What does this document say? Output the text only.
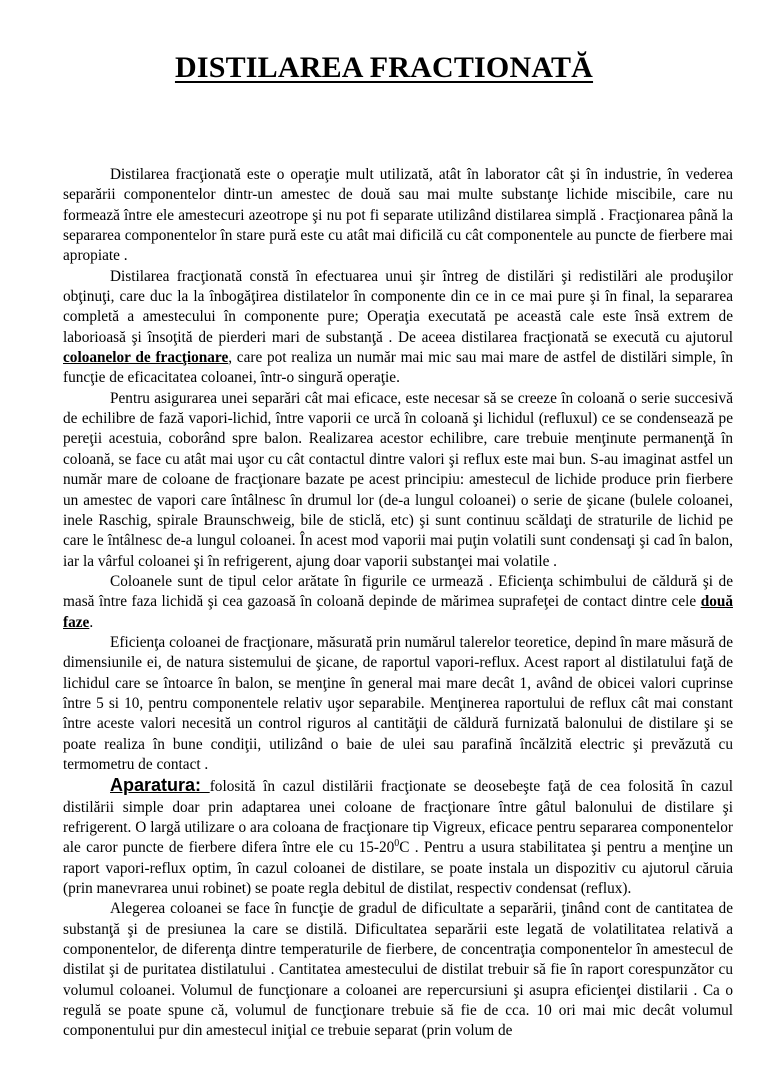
DISTILAREA FRACTIONATĂ

Distilarea fracţionată este o operaţie mult utilizată, atât în laborator cât şi în industrie, în vederea separării componentelor dintr-un amestec de două sau mai multe substanţe lichide miscibile, care nu formează între ele amestecuri azeotrope şi nu pot fi separate utilizând distilarea simplă . Fracţionarea până la separarea componentelor în stare pură este cu atât mai dificilă cu cât componentele au puncte de fierbere mai apropiate .

Distilarea fracţionată constă în efectuarea unui şir întreg de distilări şi redistilări ale produşilor obţinuţi, care duc la la înbogăţirea distilatelor în componente din ce in ce mai pure şi în final, la separarea completă a amestecului în componente pure; Operaţia executată pe această cale este însă extrem de laborioasă şi însoţită de pierderi mari de substanţă . De aceea distilarea fracţionată se execută cu ajutorul coloanelor de fracţionare, care pot realiza un număr mai mic sau mai mare de astfel de distilări simple, în funcţie de eficacitatea coloanei, într-o singură operaţie.

Pentru asigurarea unei separări cât mai eficace, este necesar să se creeze în coloană o serie succesivă de echilibre de fază vapori-lichid, între vaporii ce urcă în coloană şi lichidul (refluxul) ce se condensează pe pereţii acestuia, coborând spre balon. Realizarea acestor echilibre, care trebuie menţinute permanenţă în coloană, se face cu atât mai uşor cu cât contactul dintre valori şi reflux este mai bun. S-au imaginat astfel un număr mare de coloane de fracţionare bazate pe acest principiu: amestecul de lichide produce prin fierbere un amestec de vapori care întâlnesc în drumul lor (de-a lungul coloanei) o serie de şicane (bulele coloanei, inele Raschig, spirale Braunschweig, bile de sticlă, etc) şi sunt continuu scăldaţi de straturile de lichid pe care le întâlnesc de-a lungul coloanei. În acest mod vaporii mai puţin volatili sunt condensaţi şi cad în balon, iar la vârful coloanei şi în refrigerent, ajung doar vaporii substanţei mai volatile .

Coloanele sunt de tipul celor arătate în figurile ce urmează . Eficienţa schimbului de căldură şi de masă între faza lichidă şi cea gazoasă în coloană depinde de mărimea suprafeţei de contact dintre cele două faze.

Eficienţa coloanei de fracţionare, măsurată prin numărul talerelor teoretice, depind în mare măsură de dimensiunile ei, de natura sistemului de şicane, de raportul vapori-reflux. Acest raport al distilatului faţă de lichidul care se întoarce în balon, se menţine în general mai mare decât 1, având de obicei valori cuprinse între 5 si 10, pentru componentele relativ uşor separabile. Menţinerea raportului de reflux cât mai constant între aceste valori necesită un control riguros al cantităţii de căldură furnizată balonului de distilare şi se poate realiza în bune condiţii, utilizând o baie de ulei sau parafină încălzită electric şi prevăzută cu termometru de contact .

Aparatura: folosită în cazul distilării fracţionate se deosebeşte faţă de cea folosită în cazul distilării simple doar prin adaptarea unei coloane de fracţionare între gâtul balonului de distilare şi refrigerent. O largă utilizare o ara coloana de fracţionare tip Vigreux, eficace pentru separarea componentelor ale caror puncte de fierbere difera între ele cu $15-20^0C$ . Pentru a usura stabilitatea şi pentru a menţine un raport vapori-reflux optim, în cazul coloanei de distilare, se poate instala un dispozitiv cu ajutorul căruia (prin manevrarea unui robinet) se poate regla debitul de distilat, respectiv condensat (reflux).

Alegerea coloanei se face în funcţie de gradul de dificultate a separării, ţinând cont de cantitatea de substanţă şi de presiunea la care se distilă. Dificultatea separării este legată de volatilitatea relativă a componentelor, de diferenţa dintre temperaturile de fierbere, de concentraţia componentelor în amestecul de distilat şi de puritatea distilatului . Cantitatea amestecului de distilat trebuir să fie în raport corespunzător cu volumul coloanei. Volumul de funcţionare a coloanei are repercursiuni şi asupra eficienţei distilarii . Ca o regulă se poate spune că, volumul de funcţionare trebuie să fie de cca. 10 ori mai mic decât volumul componentului pur din amestecul iniţial ce trebuie separat (prin volum de
